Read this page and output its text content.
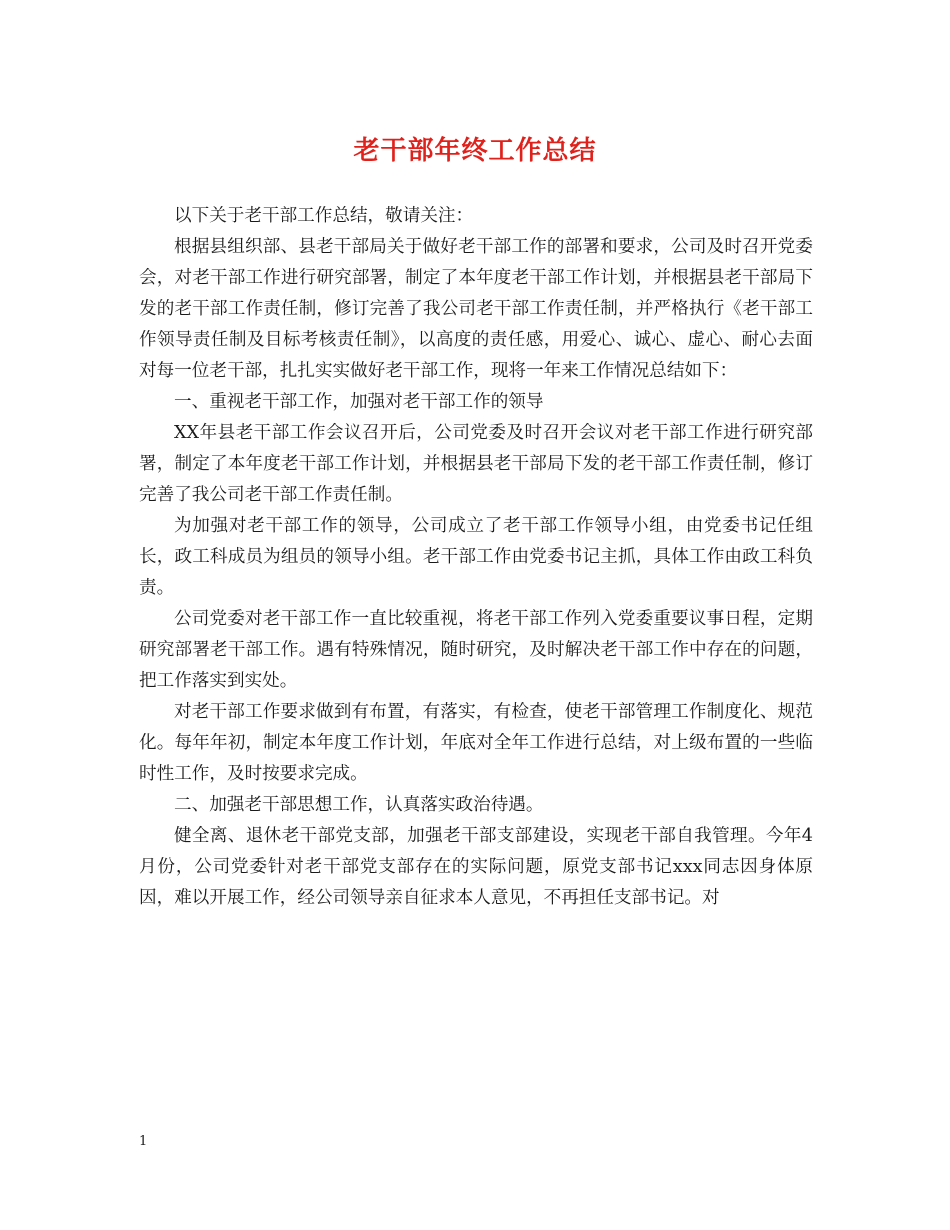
老干部年终工作总结

以下关于老干部工作总结，敬请关注：

根据县组织部、县老干部局关于做好老干部工作的部署和要求，公司及时召开党委会，对老干部工作进行研究部署，制定了本年度老干部工作计划，并根据县老干部局下发的老干部工作责任制，修订完善了我公司老干部工作责任制，并严格执行《老干部工作领导责任制及目标考核责任制》，以高度的责任感，用爱心、诚心、虚心、耐心去面对每一位老干部，扎扎实实做好老干部工作，现将一年来工作情况总结如下：

一、重视老干部工作，加强对老干部工作的领导

XX年县老干部工作会议召开后，公司党委及时召开会议对老干部工作进行研究部署，制定了本年度老干部工作计划，并根据县老干部局下发的老干部工作责任制，修订完善了我公司老干部工作责任制。

为加强对老干部工作的领导，公司成立了老干部工作领导小组，由党委书记任组长，政工科成员为组员的领导小组。老干部工作由党委书记主抓，具体工作由政工科负责。

公司党委对老干部工作一直比较重视，将老干部工作列入党委重要议事日程，定期研究部署老干部工作。遇有特殊情况，随时研究，及时解决老干部工作中存在的问题，把工作落实到实处。

对老干部工作要求做到有布置，有落实，有检查，使老干部管理工作制度化、规范化。每年年初，制定本年度工作计划，年底对全年工作进行总结，对上级布置的一些临时性工作，及时按要求完成。

二、加强老干部思想工作，认真落实政治待遇。

健全离、退休老干部党支部，加强老干部支部建设，实现老干部自我管理。今年4月份，公司党委针对老干部党支部存在的实际问题，原党支部书记xxx同志因身体原因，难以开展工作，经公司领导亲自征求本人意见，不再担任支部书记。对

1
